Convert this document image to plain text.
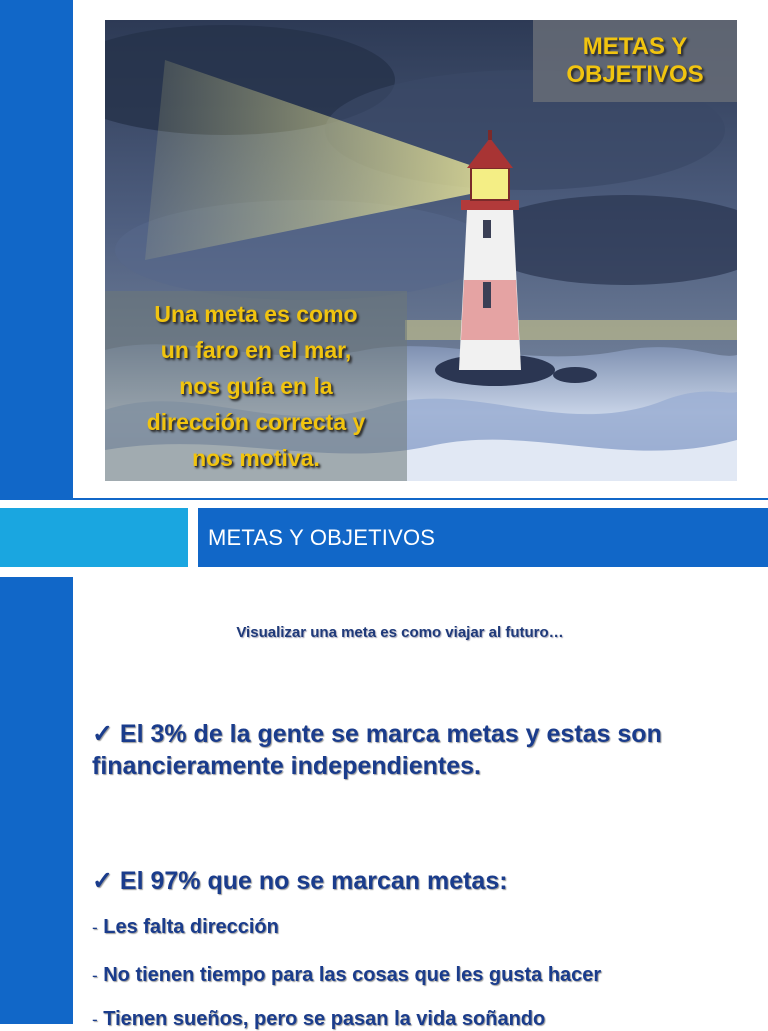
METAS Y
OBJETIVOS
Una meta es como
un faro en el mar,
nos guía en la
dirección correcta y
nos motiva.
METAS Y OBJETIVOS
Visualizar una meta es como viajar al futuro…
✓ El 3% de la gente se marca metas y estas son financieramente independientes.
✓ El 97% que no se marcan metas:
- Les falta dirección
- No tienen tiempo para las cosas que les gusta hacer
- Tienen sueños, pero se pasan la vida soñando
